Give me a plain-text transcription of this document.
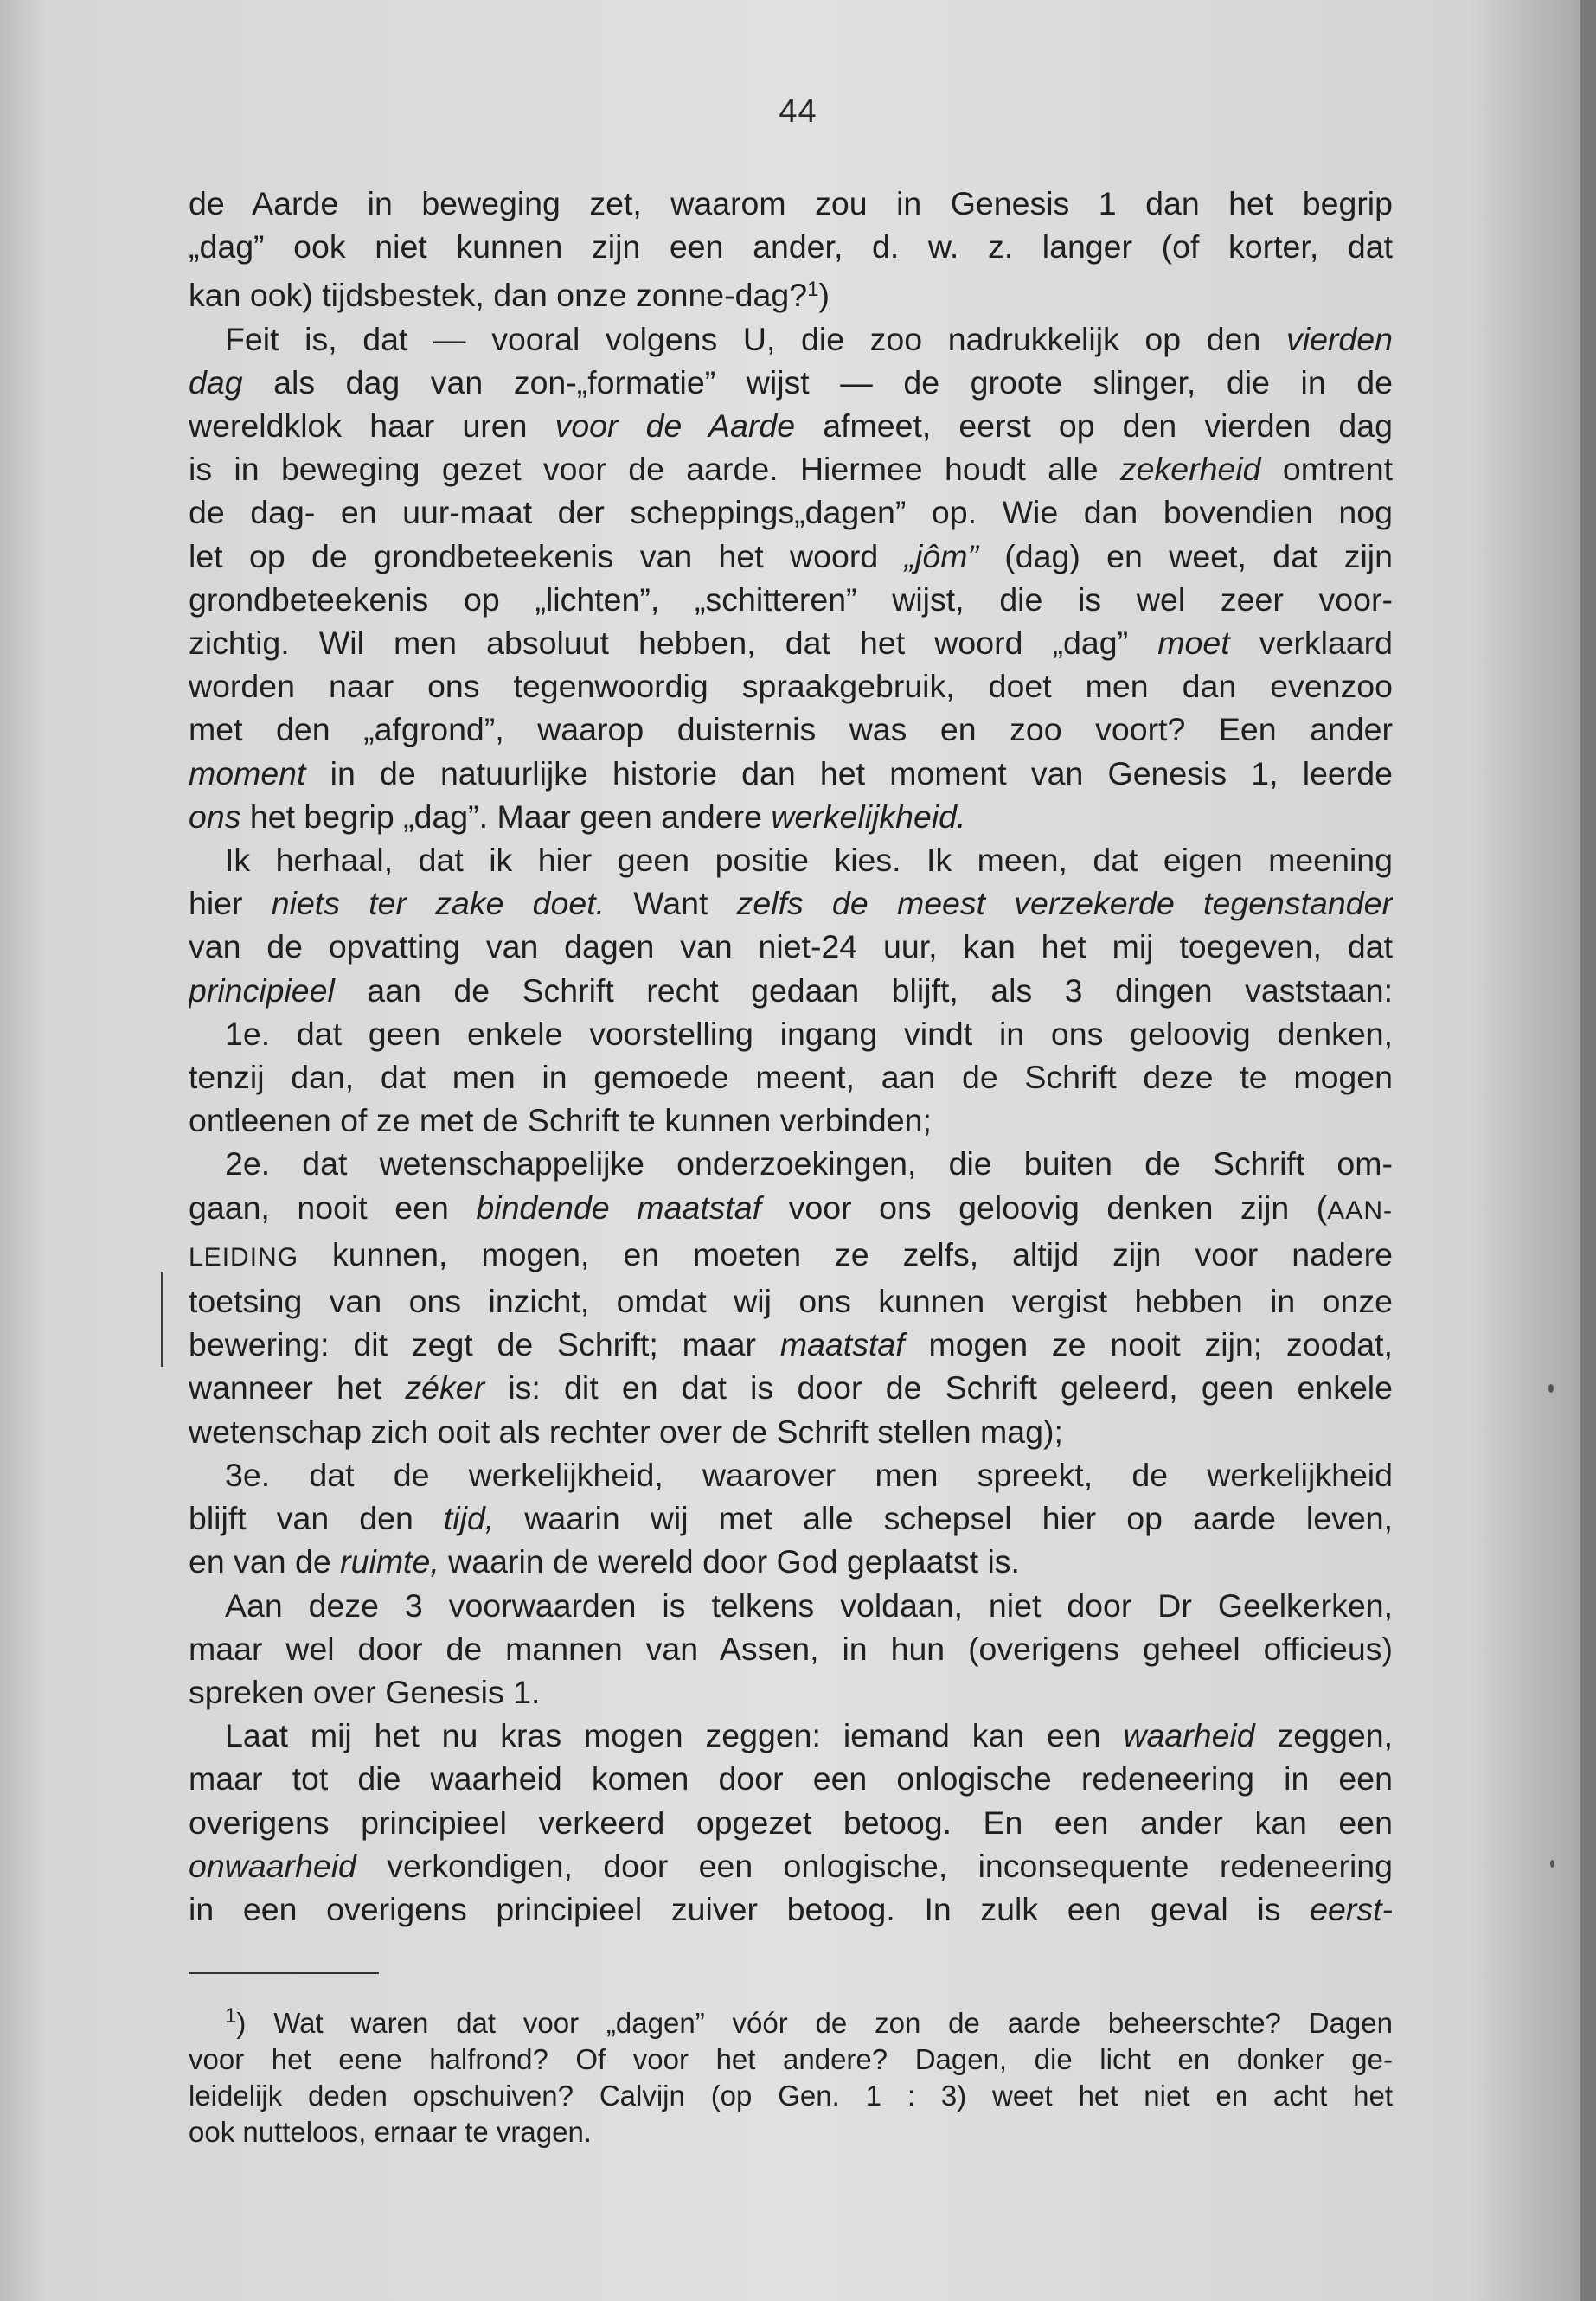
44

de Aarde in beweging zet, waarom zou in Genesis 1 dan het begrip
„dag” ook niet kunnen zijn een ander, d. w. z. langer (of korter, dat
kan ook) tijdsbestek, dan onze zonne-dag?$^1$)

Feit is, dat — vooral volgens U, die zoo nadrukkelijk op den vierden
dag als dag van zon-„formatie” wijst — de groote slinger, die in de
wereldklok haar uren voor de Aarde afmeet, eerst op den vierden dag
is in beweging gezet voor de aarde. Hiermee houdt alle zekerheid omtrent
de dag- en uur-maat der scheppings„dagen” op. Wie dan bovendien nog
let op de grondbeteekenis van het woord „jôm” (dag) en weet, dat zijn
grondbeteekenis op „lichten”, „schitteren” wijst, die is wel zeer voor-
zichtig. Wil men absoluut hebben, dat het woord „dag” moet verklaard
worden naar ons tegenwoordig spraakgebruik, doet men dan evenzoo
met den „afgrond”, waarop duisternis was en zoo voort? Een ander
moment in de natuurlijke historie dan het moment van Genesis 1, leerde
ons het begrip „dag”. Maar geen andere werkelijkheid.

Ik herhaal, dat ik hier geen positie kies. Ik meen, dat eigen meening
hier niets ter zake doet. Want zelfs de meest verzekerde tegenstander
van de opvatting van dagen van niet-24 uur, kan het mij toegeven, dat
principieel aan de Schrift recht gedaan blijft, als 3 dingen vaststaan:

1e. dat geen enkele voorstelling ingang vindt in ons geloovig denken,
tenzij dan, dat men in gemoede meent, aan de Schrift deze te mogen
ontleenen of ze met de Schrift te kunnen verbinden;

2e. dat wetenschappelijke onderzoekingen, die buiten de Schrift om-
gaan, nooit een bindende maatstaf voor ons geloovig denken zijn (AAN-
LEIDING kunnen, mogen, en moeten ze zelfs, altijd zijn voor nadere
toetsing van ons inzicht, omdat wij ons kunnen vergist hebben in onze
bewering: dit zegt de Schrift; maar maatstaf mogen ze nooit zijn; zoodat,
wanneer het zéker is: dit en dat is door de Schrift geleerd, geen enkele
wetenschap zich ooit als rechter over de Schrift stellen mag);

3e. dat de werkelijkheid, waarover men spreekt, de werkelijkheid
blijft van den tijd, waarin wij met alle schepsel hier op aarde leven,
en van de ruimte, waarin de wereld door God geplaatst is.

Aan deze 3 voorwaarden is telkens voldaan, niet door Dr Geelkerken,
maar wel door de mannen van Assen, in hun (overigens geheel officieus)
spreken over Genesis 1.

Laat mij het nu kras mogen zeggen: iemand kan een waarheid zeggen,
maar tot die waarheid komen door een onlogische redeneering in een
overigens principieel verkeerd opgezet betoog. En een ander kan een
onwaarheid verkondigen, door een onlogische, inconsequente redeneering
in een overigens principieel zuiver betoog. In zulk een geval is eerst-

$^1$) Wat waren dat voor „dagen” vóór de zon de aarde beheerschte? Dagen
voor het eene halfrond? Of voor het andere? Dagen, die licht en donker ge-
leidelijk deden opschuiven? Calvijn (op Gen. 1 : 3) weet het niet en acht het
ook nutteloos, ernaar te vragen.
